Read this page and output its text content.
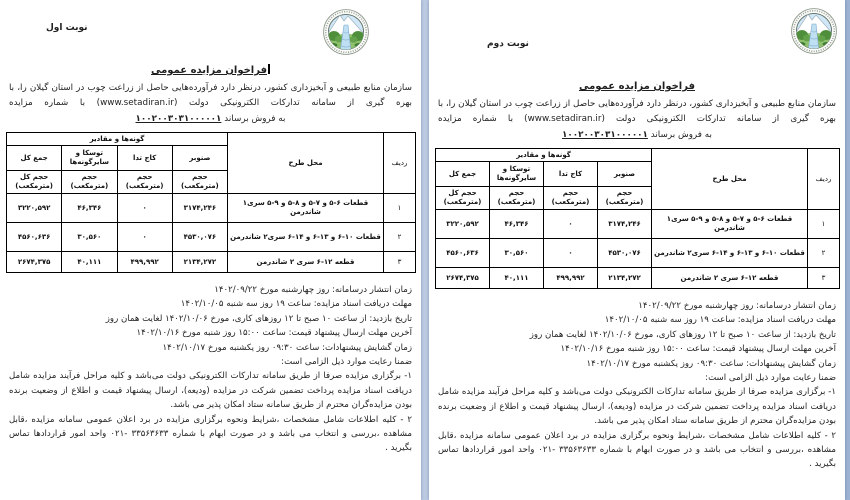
نوبت اول
فراخوان مزایده عمومی
سازمان منابع طبیعی و آبخیزداری کشور، درنظر دارد فرآورده‌هایی حاصل از زراعت چوب در استان گیلان را، با
بهره گیری از سامانه تدارکات الکترونیکی دولت (www.setadiran.ir) با شماره مزایده
۱۰۰۲۰۰۳۰۳۱۰۰۰۰۰۱ به فروش برساند
ردیف	محل طرح	گونه‌ها و مقادیر			
		صنوبر	کاج تدا	توسکا و سایرگونه‌ها	جمع کل
		حجم (مترمکعب)	حجم (مترمکعب)	حجم (مترمکعب)	حجم کل (مترمکعب)
۱	قطعات ۶-۵ و ۷-۵ و ۸-۵ و ۹-۵ سری۱ شاندرمن	۳۱۷۴,۲۴۶	۰	۴۶,۳۴۶	۳۲۲۰,۵۹۲
۲	قطعات ۱۰-۶ و ۱۳-۶ و ۱۴-۶ سری۲ شاندرمن	۴۵۳۰,۰۷۶	۰	۳۰,۵۶۰	۴۵۶۰,۶۳۶
۳	قطعه ۱۲-۶ سری ۲ شاندرمن	۲۱۳۴,۲۷۲	۴۹۹,۹۹۲	۴۰,۱۱۱	۲۶۷۴,۳۷۵
زمان انتشار درسامانه: روز چهارشنبه مورخ ۱۴۰۲/۰۹/۲۲
مهلت دریافت اسناد مزایده: ساعت ۱۹ روز سه شنبه ۱۴۰۲/۱۰/۰۵
تاریخ بازدید: از ساعت ۱۰ صبح تا ۱۲ روزهای کاری، مورخ ۱۴۰۲/۱۰/۰۶ لغایت همان روز
آخرین مهلت ارسال پیشنهاد قیمت: ساعت ۱۵:۰۰ روز شنبه مورخ ۱۴۰۲/۱۰/۱۶
زمان گشایش پیشنهادات: ساعت ۰۹:۳۰ روز یکشنبه مورخ ۱۴۰۲/۱۰/۱۷
ضمنا رعایت موارد ذیل الزامی است:
۱- برگزاری مزایده صرفا از طریق سامانه تدارکات الکترونیکی دولت می‌باشد و کلیه مراحل فرآیند مزایده شامل دریافت اسناد مزایده پرداخت تضمین شرکت در مزایده (ودیعه)، ارسال پیشنهاد قیمت و اطلاع از وضعیت برنده بودن مزایده‌گران محترم از طریق سامانه ستاد امکان پذیر می باشد.
۲ - کلیه اطلاعات شامل مشخصات ،شرایط ونحوه برگزاری مزایده در برد اعلان عمومی سامانه مزایده ،قابل مشاهده ،بررسی و انتخاب می باشد و در صورت ابهام با شماره ۳۳۵۶۳۶۳۳ -۰۲۱ واحد امور قراردادها تماس بگیرید .
نوبت دوم
فراخوان مزایده عمومی
سازمان منابع طبیعی و آبخیزداری کشور، درنظر دارد فرآورده‌هایی حاصل از زراعت چوب در استان گیلان را، با
بهره گیری از سامانه تدارکات الکترونیکی دولت (www.setadiran.ir) با شماره مزایده
۱۰۰۲۰۰۳۰۳۱۰۰۰۰۰۱ به فروش برساند
ردیف	محل طرح	گونه‌ها و مقادیر			
		صنوبر	کاج تدا	توسکا و سایرگونه‌ها	جمع کل
		حجم (مترمکعب)	حجم (مترمکعب)	حجم (مترمکعب)	حجم کل (مترمکعب)
۱	قطعات ۶-۵ و ۷-۵ و ۸-۵ و ۹-۵ سری۱ شاندرمن	۳۱۷۴,۲۴۶	۰	۴۶,۳۴۶	۳۲۲۰,۵۹۲
۲	قطعات ۱۰-۶ و ۱۳-۶ و ۱۴-۶ سری۲ شاندرمن	۴۵۳۰,۰۷۶	۰	۳۰,۵۶۰	۴۵۶۰,۶۳۶
۳	قطعه ۱۲-۶ سری ۲ شاندرمن	۲۱۳۴,۲۷۲	۴۹۹,۹۹۲	۴۰,۱۱۱	۲۶۷۴,۳۷۵
زمان انتشار درسامانه: روز چهارشنبه مورخ ۱۴۰۲/۰۹/۲۲
مهلت دریافت اسناد مزایده: ساعت ۱۹ روز سه شنبه ۱۴۰۲/۱۰/۰۵
تاریخ بازدید: از ساعت ۱۰ صبح تا ۱۲ روزهای کاری، مورخ ۱۴۰۲/۱۰/۰۶ لغایت همان روز
آخرین مهلت ارسال پیشنهاد قیمت: ساعت ۱۵:۰۰ روز شنبه مورخ ۱۴۰۲/۱۰/۱۶
زمان گشایش پیشنهادات: ساعت ۰۹:۳۰ روز یکشنبه مورخ ۱۴۰۲/۱۰/۱۷
ضمنا رعایت موارد ذیل الزامی است:
۱- برگزاری مزایده صرفا از طریق سامانه تدارکات الکترونیکی دولت می‌باشد و کلیه مراحل فرآیند مزایده شامل دریافت اسناد مزایده پرداخت تضمین شرکت در مزایده (ودیعه)، ارسال پیشنهاد قیمت و اطلاع از وضعیت برنده بودن مزایده‌گران محترم از طریق سامانه ستاد امکان پذیر می باشد.
۲ - کلیه اطلاعات شامل مشخصات ،شرایط ونحوه برگزاری مزایده در برد اعلان عمومی سامانه مزایده ،قابل مشاهده ،بررسی و انتخاب می باشد و در صورت ابهام با شماره ۳۳۵۶۳۶۳۳ -۰۲۱ واحد امور قراردادها تماس بگیرید .
